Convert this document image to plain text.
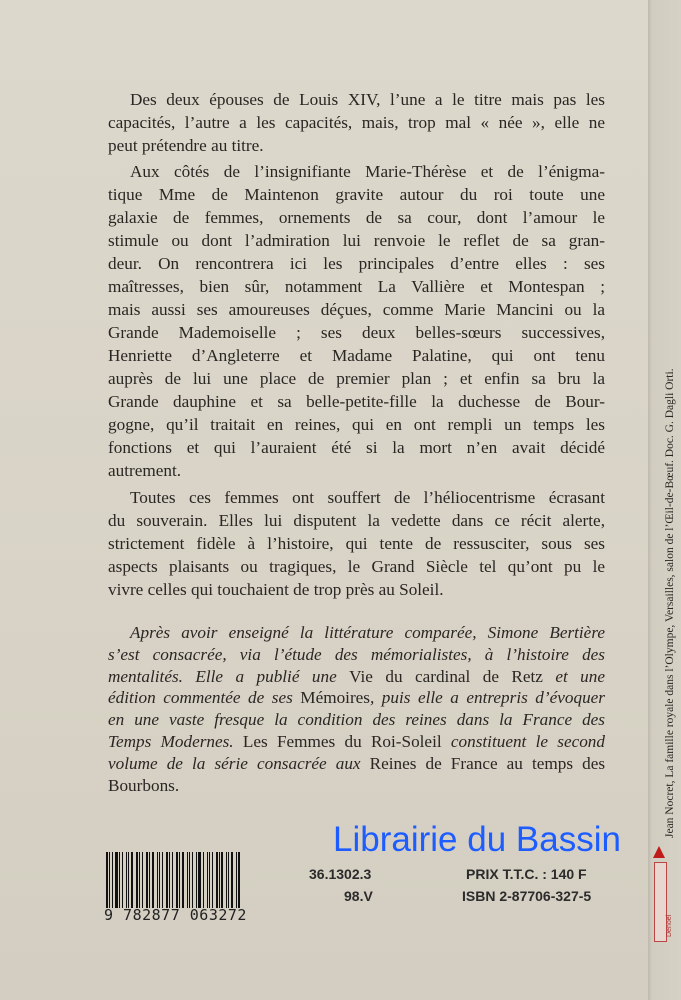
Des deux épouses de Louis XIV, l’une a le titre mais pas les
capacités, l’autre a les capacités, mais, trop mal « née », elle ne
peut prétendre au titre.
Aux côtés de l’insignifiante Marie-Thérèse et de l’énigma-
tique Mme de Maintenon gravite autour du roi toute une
galaxie de femmes, ornements de sa cour, dont l’amour le
stimule ou dont l’admiration lui renvoie le reflet de sa gran-
deur. On rencontrera ici les principales d’entre elles : ses
maîtresses, bien sûr, notamment La Vallière et Montespan ;
mais aussi ses amoureuses déçues, comme Marie Mancini ou la
Grande Mademoiselle ; ses deux belles-sœurs successives,
Henriette d’Angleterre et Madame Palatine, qui ont tenu
auprès de lui une place de premier plan ; et enfin sa bru la
Grande dauphine et sa belle-petite-fille la duchesse de Bour-
gogne, qu’il traitait en reines, qui en ont rempli un temps les
fonctions et qui l’auraient été si la mort n’en avait décidé
autrement.
Toutes ces femmes ont souffert de l’héliocentrisme écrasant
du souverain. Elles lui disputent la vedette dans ce récit alerte,
strictement fidèle à l’histoire, qui tente de ressusciter, sous ses
aspects plaisants ou tragiques, le Grand Siècle tel qu’ont pu le
vivre celles qui touchaient de trop près au Soleil.
Après avoir enseigné la littérature comparée, Simone Bertière
s’est consacrée, via l’étude des mémorialistes, à l’histoire des
mentalités. Elle a publié une Vie du cardinal de Retz et une
édition commentée de ses Mémoires, puis elle a entrepris d’évoquer
en une vaste fresque la condition des reines dans la France des
Temps Modernes. Les Femmes du Roi-Soleil constituent le second
volume de la série consacrée aux Reines de France au temps des
Bourbons.
9 782877 063272
36.1302.3
98.V
PRIX T.T.C. : 140 F
ISBN 2-87706-327-5
Librairie du Bassin
Jean Nocret, La famille royale dans l’Olympe, Versailles, salon de l’Œil-de-Bœuf. Doc. G. Dagli Orti.
Denoël
